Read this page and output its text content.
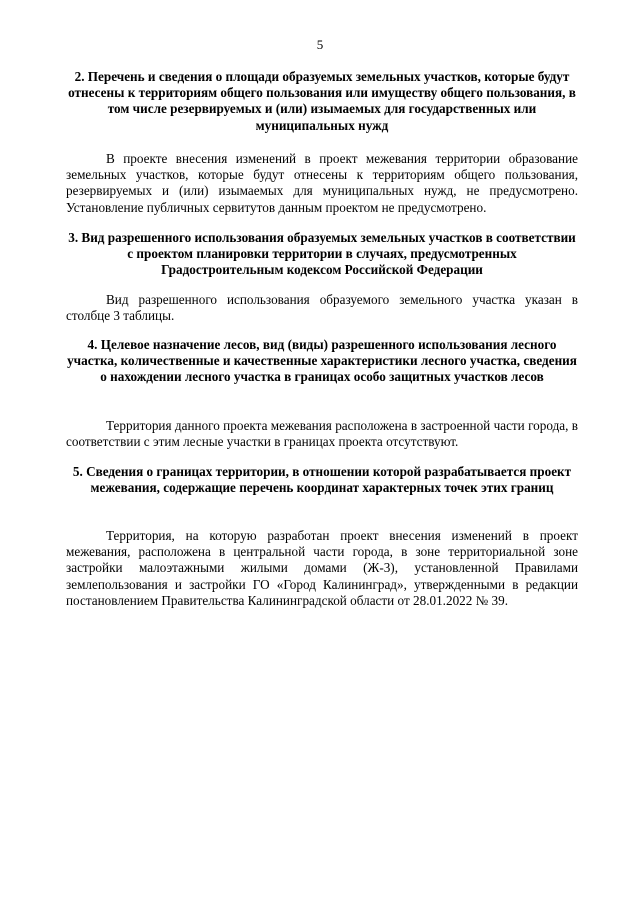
5

2. Перечень и сведения о площади образуемых земельных участков, которые будут отнесены к территориям общего пользования или имуществу общего пользования, в том числе резервируемых и (или) изымаемых для государственных или муниципальных нужд

В проекте внесения изменений в проект межевания территории образование земельных участков, которые будут отнесены к территориям общего пользования, резервируемых и (или) изымаемых для муниципальных нужд, не предусмотрено. Установление публичных сервитутов данным проектом не предусмотрено.

3. Вид разрешенного использования образуемых земельных участков в соответствии с проектом планировки территории в случаях, предусмотренных Градостроительным кодексом Российской Федерации

Вид разрешенного использования образуемого земельного участка указан в столбце 3 таблицы.

4. Целевое назначение лесов, вид (виды) разрешенного использования лесного участка, количественные и качественные характеристики лесного участка, сведения о нахождении лесного участка в границах особо защитных участков лесов

Территория данного проекта межевания расположена в застроенной части города, в соответствии с этим лесные участки в границах проекта отсутствуют.

5. Сведения о границах территории, в отношении которой разрабатывается проект межевания, содержащие перечень координат характерных точек этих границ

Территория, на которую разработан проект внесения изменений в проект межевания, расположена в центральной части города, в зоне территориальной зоне застройки малоэтажными жилыми домами (Ж-3), установленной Правилами землепользования и застройки ГО «Город Калининград», утвержденными в редакции постановлением Правительства Калининградской области от 28.01.2022 № 39.
